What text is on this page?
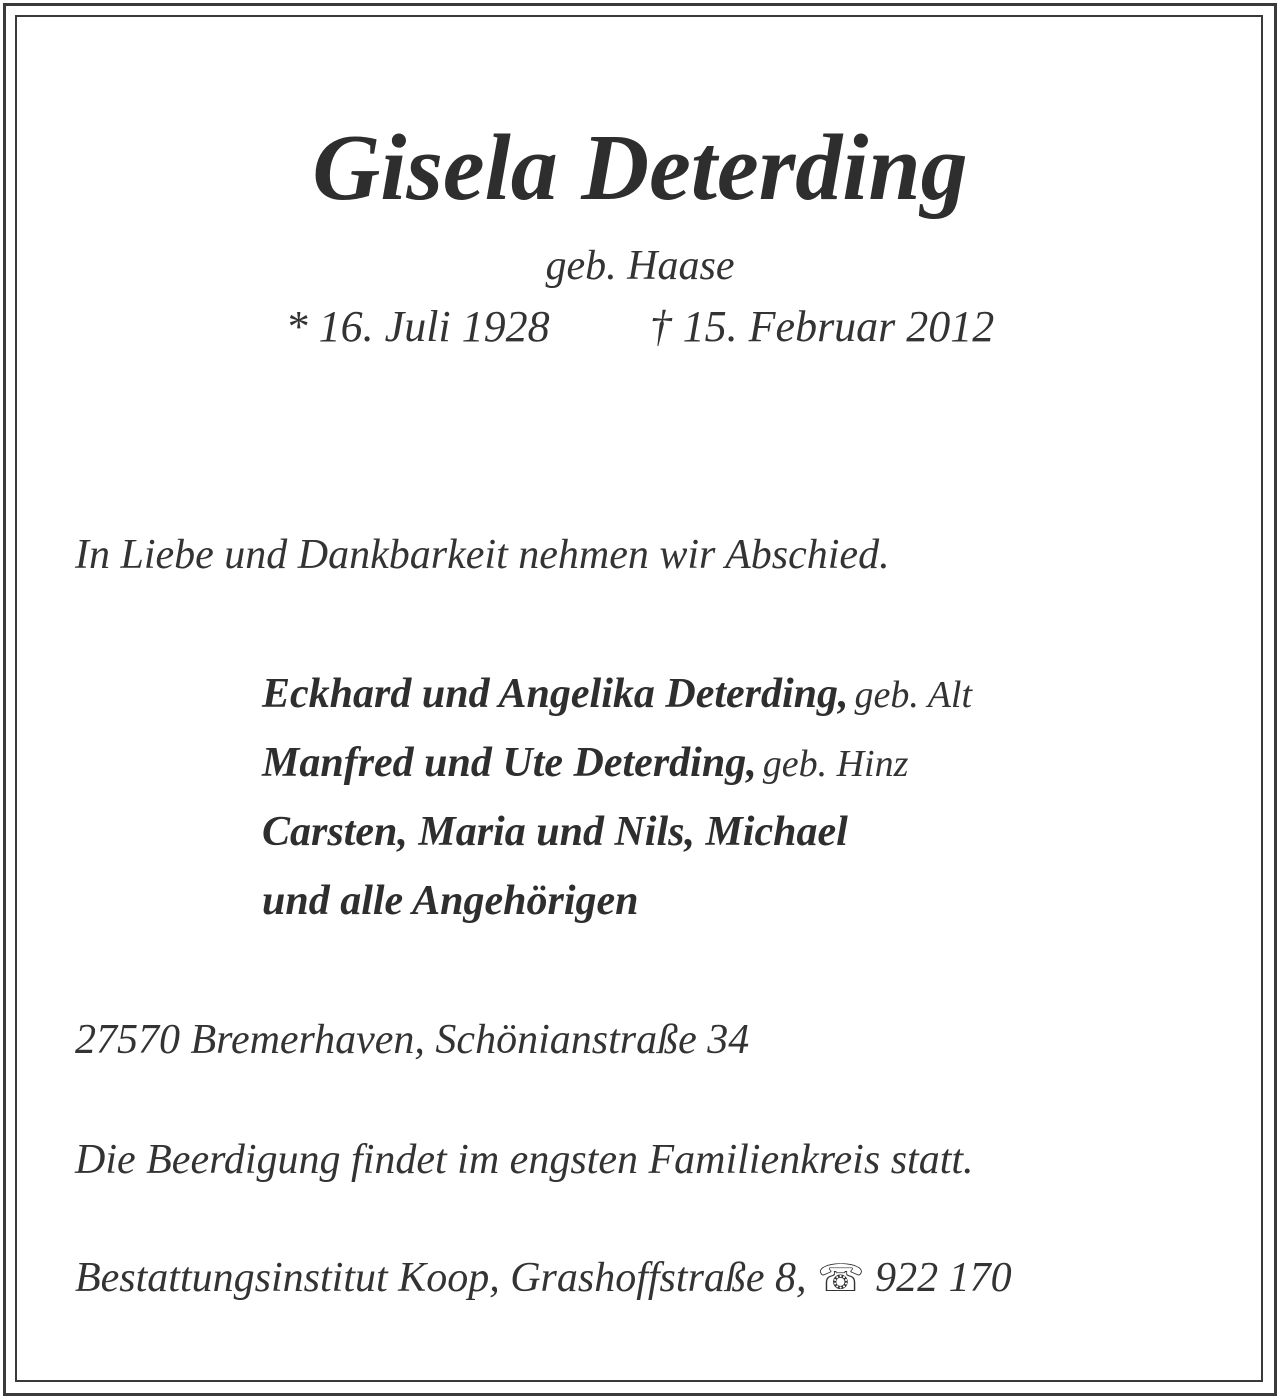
Gisela Deterding
geb. Haase
* 16. Juli 1928 † 15. Februar 2012
In Liebe und Dankbarkeit nehmen wir Abschied.
Eckhard und Angelika Deterding, geb. Alt
Manfred und Ute Deterding, geb. Hinz
Carsten, Maria und Nils, Michael
und alle Angehörigen
27570 Bremerhaven, Schönianstraße 34
Die Beerdigung findet im engsten Familienkreis statt.
Bestattungsinstitut Koop, Grashoffstraße 8, ☏ 922 170
